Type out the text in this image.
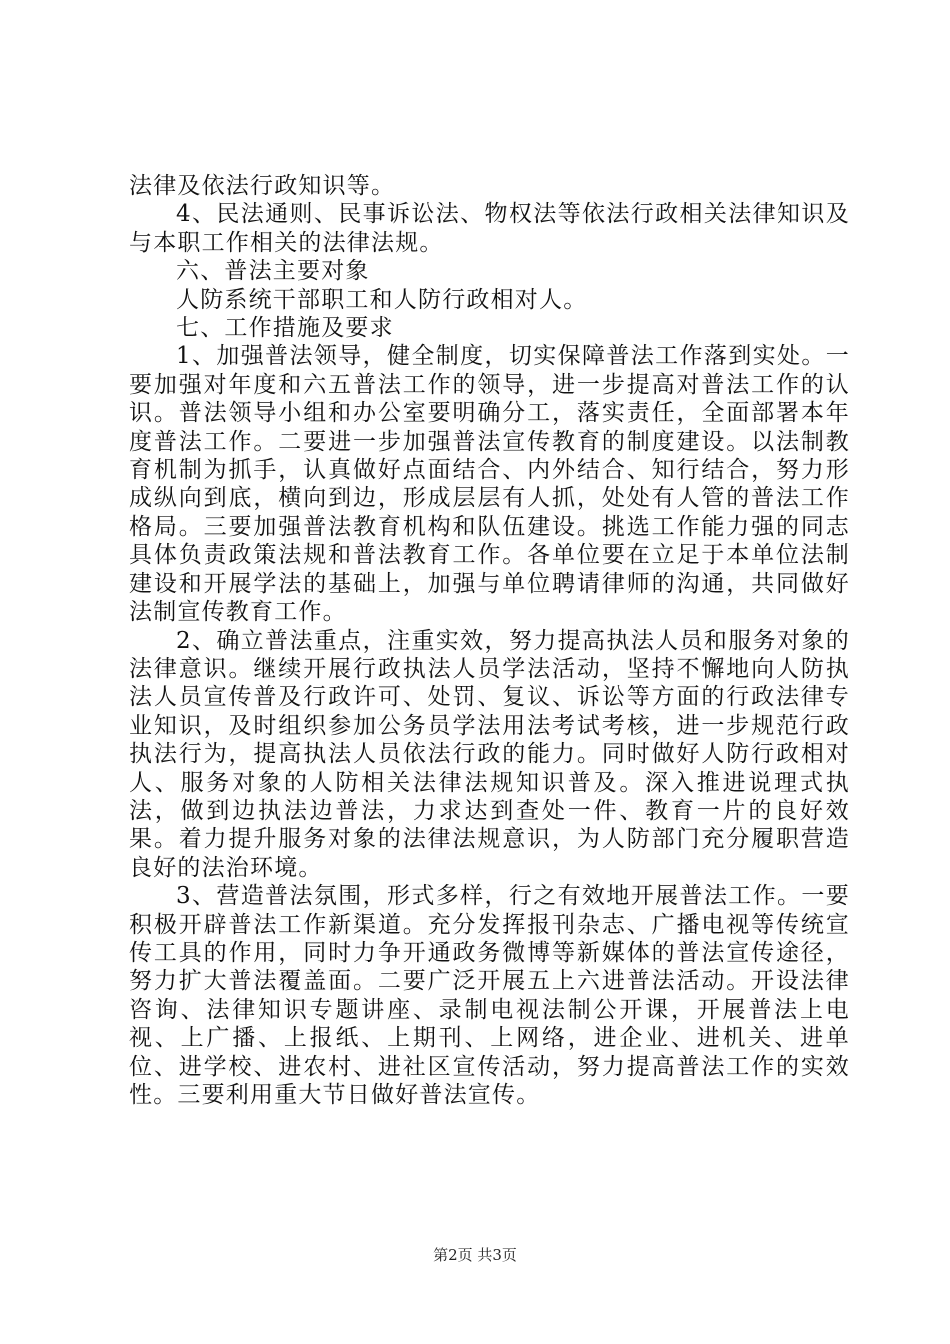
法律及依法行政知识等。

4、民法通则、民事诉讼法、物权法等依法行政相关法律知识及与本职工作相关的法律法规。

六、普法主要对象

人防系统干部职工和人防行政相对人。

七、工作措施及要求

1、加强普法领导，健全制度，切实保障普法工作落到实处。一要加强对年度和六五普法工作的领导，进一步提高对普法工作的认识。普法领导小组和办公室要明确分工，落实责任，全面部署本年度普法工作。二要进一步加强普法宣传教育的制度建设。以法制教育机制为抓手，认真做好点面结合、内外结合、知行结合，努力形成纵向到底，横向到边，形成层层有人抓，处处有人管的普法工作格局。三要加强普法教育机构和队伍建设。挑选工作能力强的同志具体负责政策法规和普法教育工作。各单位要在立足于本单位法制建设和开展学法的基础上，加强与单位聘请律师的沟通，共同做好法制宣传教育工作。

2、确立普法重点，注重实效，努力提高执法人员和服务对象的法律意识。继续开展行政执法人员学法活动，坚持不懈地向人防执法人员宣传普及行政许可、处罚、复议、诉讼等方面的行政法律专业知识，及时组织参加公务员学法用法考试考核，进一步规范行政执法行为，提高执法人员依法行政的能力。同时做好人防行政相对人、服务对象的人防相关法律法规知识普及。深入推进说理式执法，做到边执法边普法，力求达到查处一件、教育一片的良好效果。着力提升服务对象的法律法规意识，为人防部门充分履职营造良好的法治环境。

3、营造普法氛围，形式多样，行之有效地开展普法工作。一要积极开辟普法工作新渠道。充分发挥报刊杂志、广播电视等传统宣传工具的作用，同时力争开通政务微博等新媒体的普法宣传途径，努力扩大普法覆盖面。二要广泛开展五上六进普法活动。开设法律咨询、法律知识专题讲座、录制电视法制公开课，开展普法上电视、上广播、上报纸、上期刊、上网络，进企业、进机关、进单位、进学校、进农村、进社区宣传活动，努力提高普法工作的实效性。三要利用重大节日做好普法宣传。

第2页 共3页
